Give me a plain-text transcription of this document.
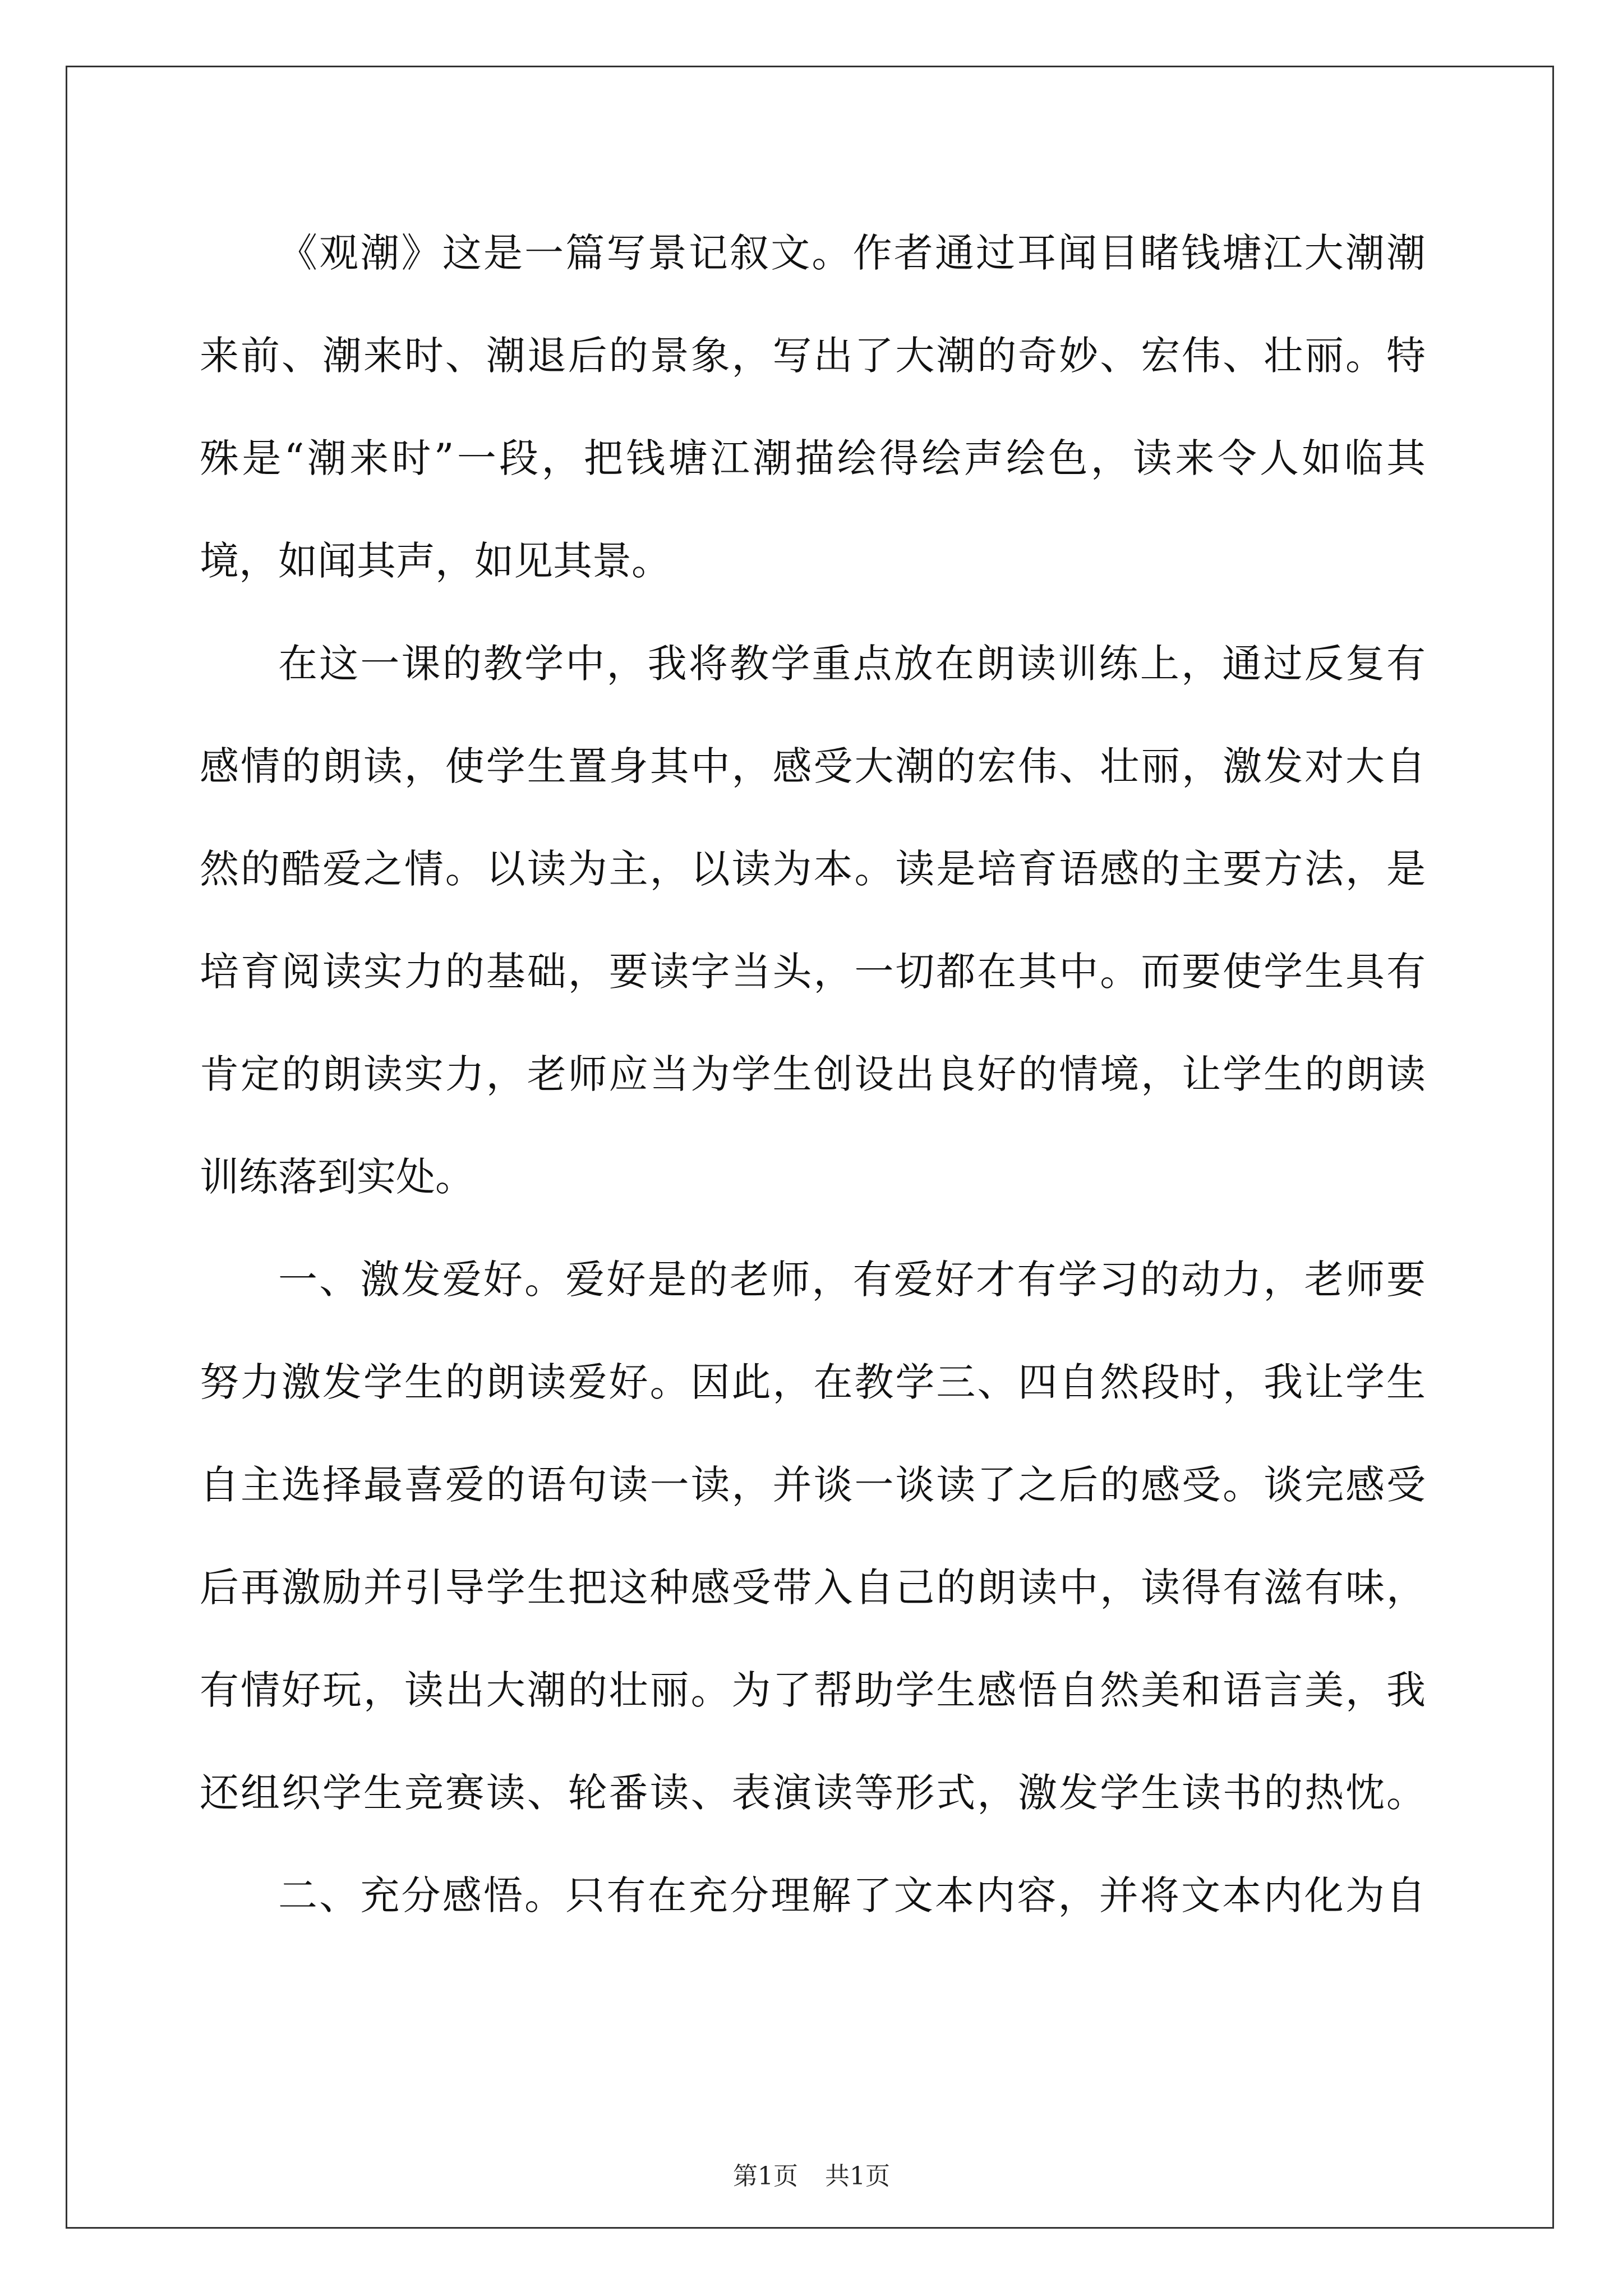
《观潮》这是一篇写景记叙文。作者通过耳闻目睹钱塘江大潮潮
来前、潮来时、潮退后的景象，写出了大潮的奇妙、宏伟、壮丽。特
殊是“潮来时”一段，把钱塘江潮描绘得绘声绘色，读来令人如临其
境，如闻其声，如见其景。
在这一课的教学中，我将教学重点放在朗读训练上，通过反复有
感情的朗读，使学生置身其中，感受大潮的宏伟、壮丽，激发对大自
然的酷爱之情。以读为主，以读为本。读是培育语感的主要方法，是
培育阅读实力的基础，要读字当头，一切都在其中。而要使学生具有
肯定的朗读实力，老师应当为学生创设出良好的情境，让学生的朗读
训练落到实处。
一、激发爱好。爱好是的老师，有爱好才有学习的动力，老师要
努力激发学生的朗读爱好。因此，在教学三、四自然段时，我让学生
自主选择最喜爱的语句读一读，并谈一谈读了之后的感受。谈完感受
后再激励并引导学生把这种感受带入自己的朗读中，读得有滋有味，
有情好玩，读出大潮的壮丽。为了帮助学生感悟自然美和语言美，我
还组织学生竞赛读、轮番读、表演读等形式，激发学生读书的热忱。
二、充分感悟。只有在充分理解了文本内容，并将文本内化为自
第1页 共1页
